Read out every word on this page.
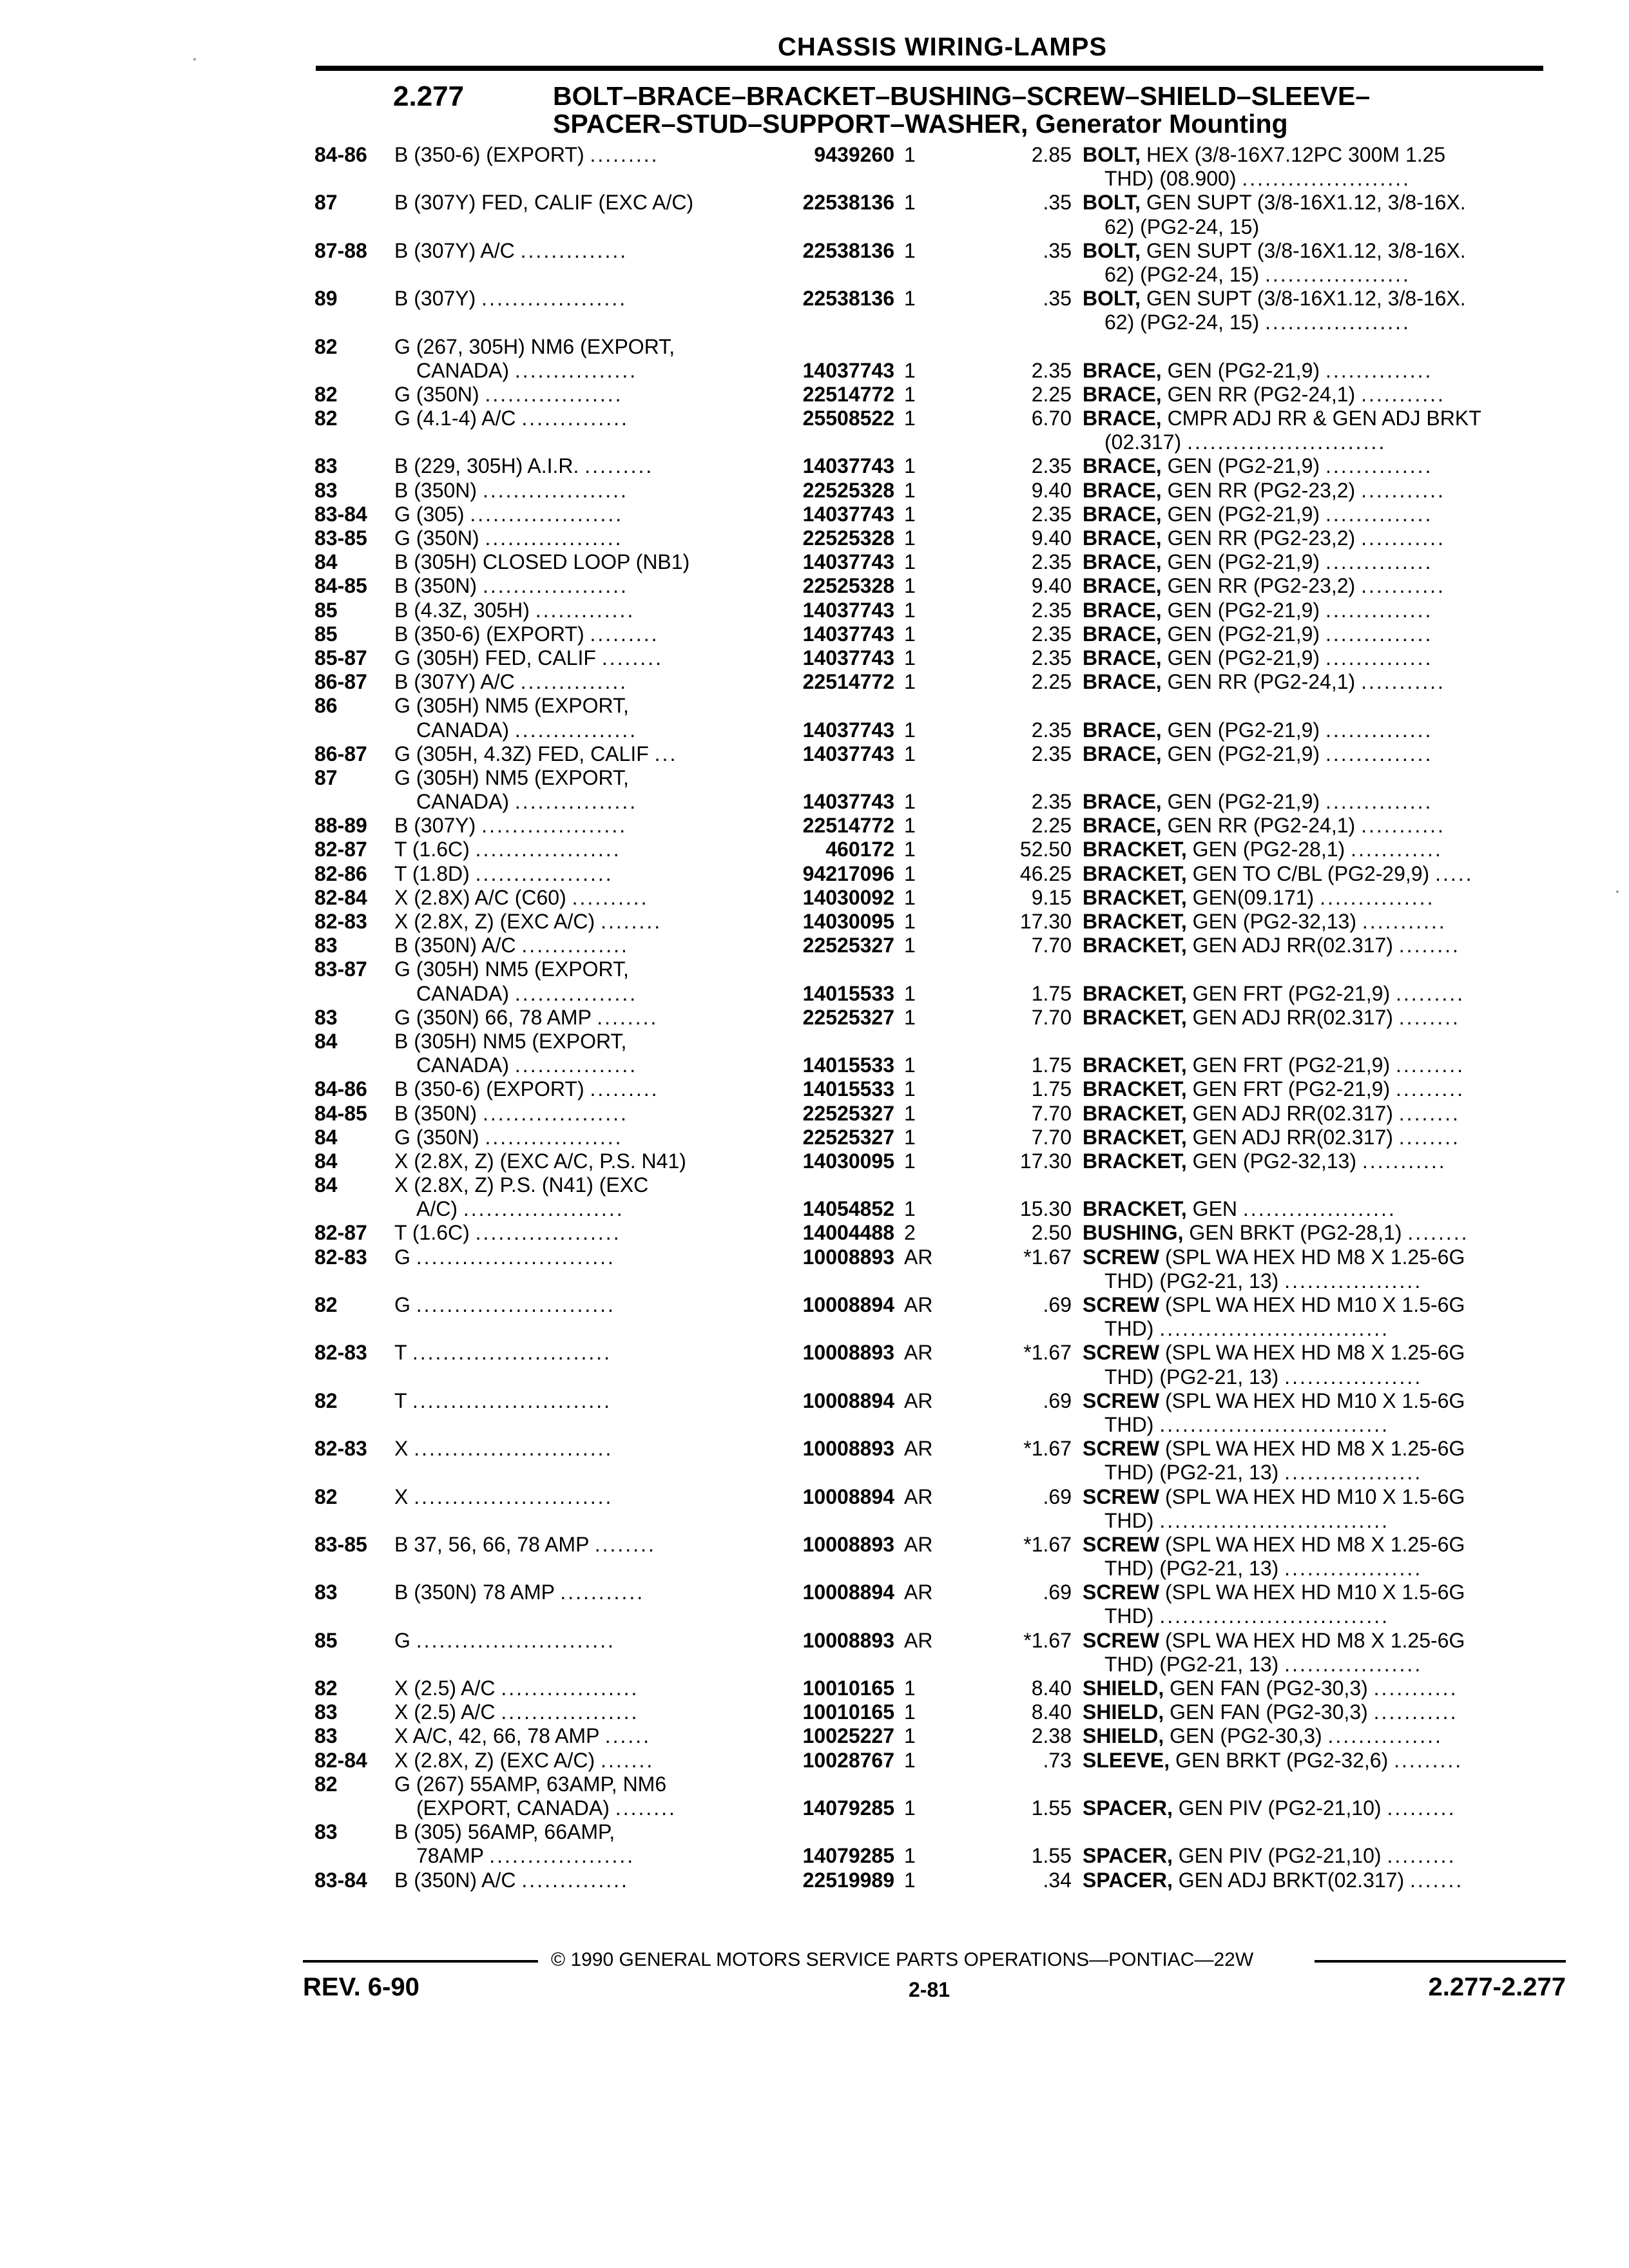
CHASSIS WIRING-LAMPS
2.277	BOLT–BRACE–BRACKET–BUSHING–SCREW–SHIELD–SLEEVE–
SPACER–STUD–SUPPORT–WASHER, Generator Mounting
84-86 B (350-6) (EXPORT) .........	9439260 1	2.85 BOLT, HEX (3/8-16X7.12PC 300M 1.25
THD) (08.900) ......................
87	B (307Y) FED, CALIF (EXC A/C)	22538136 1	.35 BOLT, GEN SUPT (3/8-16X1.12, 3/8-16X.
62) (PG2-24, 15)
87-88 B (307Y) A/C ..............	22538136 1	.35 BOLT, GEN SUPT (3/8-16X1.12, 3/8-16X.
62) (PG2-24, 15) ...................
89	B (307Y) ...................	22538136 1	.35 BOLT, GEN SUPT (3/8-16X1.12, 3/8-16X.
62) (PG2-24, 15) ...................
82	G (267, 305H) NM6 (EXPORT,
CANADA) ................	14037743 1	2.35 BRACE, GEN (PG2-21,9) ..............
82	G (350N) ..................	22514772 1	2.25 BRACE, GEN RR (PG2-24,1) ...........
82	G (4.1-4) A/C ..............	25508522 1	6.70 BRACE, CMPR ADJ RR & GEN ADJ BRKT
(02.317) ..........................
83	B (229, 305H) A.I.R. .........	14037743 1	2.35 BRACE, GEN (PG2-21,9) ..............
83	B (350N) ...................	22525328 1	9.40 BRACE, GEN RR (PG2-23,2) ...........
83-84 G (305) ....................	14037743 1	2.35 BRACE, GEN (PG2-21,9) ..............
83-85 G (350N) ..................	22525328 1	9.40 BRACE, GEN RR (PG2-23,2) ...........
84	B (305H) CLOSED LOOP (NB1)	14037743 1	2.35 BRACE, GEN (PG2-21,9) ..............
84-85 B (350N) ...................	22525328 1	9.40 BRACE, GEN RR (PG2-23,2) ...........
85	B (4.3Z, 305H) .............	14037743 1	2.35 BRACE, GEN (PG2-21,9) ..............
85	B (350-6) (EXPORT) .........	14037743 1	2.35 BRACE, GEN (PG2-21,9) ..............
85-87 G (305H) FED, CALIF ........	14037743 1	2.35 BRACE, GEN (PG2-21,9) ..............
86-87 B (307Y) A/C ..............	22514772 1	2.25 BRACE, GEN RR (PG2-24,1) ...........
86	G (305H) NM5 (EXPORT,
CANADA) ................	14037743 1	2.35 BRACE, GEN (PG2-21,9) ..............
86-87 G (305H, 4.3Z) FED, CALIF ...	14037743 1	2.35 BRACE, GEN (PG2-21,9) ..............
87	G (305H) NM5 (EXPORT,
CANADA) ................	14037743 1	2.35 BRACE, GEN (PG2-21,9) ..............
88-89 B (307Y) ...................	22514772 1	2.25 BRACE, GEN RR (PG2-24,1) ...........
82-87 T (1.6C) ...................	460172 1	52.50 BRACKET, GEN (PG2-28,1) ............
82-86 T (1.8D) ..................	94217096 1	46.25 BRACKET, GEN TO C/BL (PG2-29,9) .....
82-84 X (2.8X) A/C (C60) ..........	14030092 1	9.15 BRACKET, GEN(09.171) ...............
82-83 X (2.8X, Z) (EXC A/C) ........	14030095 1	17.30 BRACKET, GEN (PG2-32,13) ...........
83	B (350N) A/C ..............	22525327 1	7.70 BRACKET, GEN ADJ RR(02.317) ........
83-87 G (305H) NM5 (EXPORT,
CANADA) ................	14015533 1	1.75 BRACKET, GEN FRT (PG2-21,9) .........
83	G (350N) 66, 78 AMP ........	22525327 1	7.70 BRACKET, GEN ADJ RR(02.317) ........
84	B (305H) NM5 (EXPORT,
CANADA) ................	14015533 1	1.75 BRACKET, GEN FRT (PG2-21,9) .........
84-86 B (350-6) (EXPORT) .........	14015533 1	1.75 BRACKET, GEN FRT (PG2-21,9) .........
84-85 B (350N) ...................	22525327 1	7.70 BRACKET, GEN ADJ RR(02.317) ........
84	G (350N) ..................	22525327 1	7.70 BRACKET, GEN ADJ RR(02.317) ........
84	X (2.8X, Z) (EXC A/C, P.S. N41)	14030095 1	17.30 BRACKET, GEN (PG2-32,13) ...........
84	X (2.8X, Z) P.S. (N41) (EXC
A/C) .....................	14054852 1	15.30 BRACKET, GEN ....................
82-87 T (1.6C) ...................	14004488 2	2.50 BUSHING, GEN BRKT (PG2-28,1) ........
82-83 G ..........................	10008893 AR	*1.67 SCREW (SPL WA HEX HD M8 X 1.25-6G
THD) (PG2-21, 13) ..................
82	G ..........................	10008894 AR	.69 SCREW (SPL WA HEX HD M10 X 1.5-6G
THD) ..............................
82-83 T ..........................	10008893 AR	*1.67 SCREW (SPL WA HEX HD M8 X 1.25-6G
THD) (PG2-21, 13) ..................
82	T ..........................	10008894 AR	.69 SCREW (SPL WA HEX HD M10 X 1.5-6G
THD) ..............................
82-83 X ..........................	10008893 AR	*1.67 SCREW (SPL WA HEX HD M8 X 1.25-6G
THD) (PG2-21, 13) ..................
82	X ..........................	10008894 AR	.69 SCREW (SPL WA HEX HD M10 X 1.5-6G
THD) ..............................
83-85 B 37, 56, 66, 78 AMP ........	10008893 AR	*1.67 SCREW (SPL WA HEX HD M8 X 1.25-6G
THD) (PG2-21, 13) ..................
83	B (350N) 78 AMP ...........	10008894 AR	.69 SCREW (SPL WA HEX HD M10 X 1.5-6G
THD) ..............................
85	G ..........................	10008893 AR	*1.67 SCREW (SPL WA HEX HD M8 X 1.25-6G
THD) (PG2-21, 13) ..................
82	X (2.5) A/C ..................	10010165 1	8.40 SHIELD, GEN FAN (PG2-30,3) ...........
83	X (2.5) A/C ..................	10010165 1	8.40 SHIELD, GEN FAN (PG2-30,3) ...........
83	X A/C, 42, 66, 78 AMP ......	10025227 1	2.38 SHIELD, GEN (PG2-30,3) ...............
82-84 X (2.8X, Z) (EXC A/C) .......	10028767 1	.73 SLEEVE, GEN BRKT (PG2-32,6) .........
82	G (267) 55AMP, 63AMP, NM6
(EXPORT, CANADA) ........	14079285 1	1.55 SPACER, GEN PIV (PG2-21,10) .........
83	B (305) 56AMP, 66AMP,
78AMP ...................	14079285 1	1.55 SPACER, GEN PIV (PG2-21,10) .........
83-84 B (350N) A/C ..............	22519989 1	.34 SPACER, GEN ADJ BRKT(02.317) .......
© 1990 GENERAL MOTORS SERVICE PARTS OPERATIONS—PONTIAC—22W
REV. 6-90	2-81	2.277-2.277
